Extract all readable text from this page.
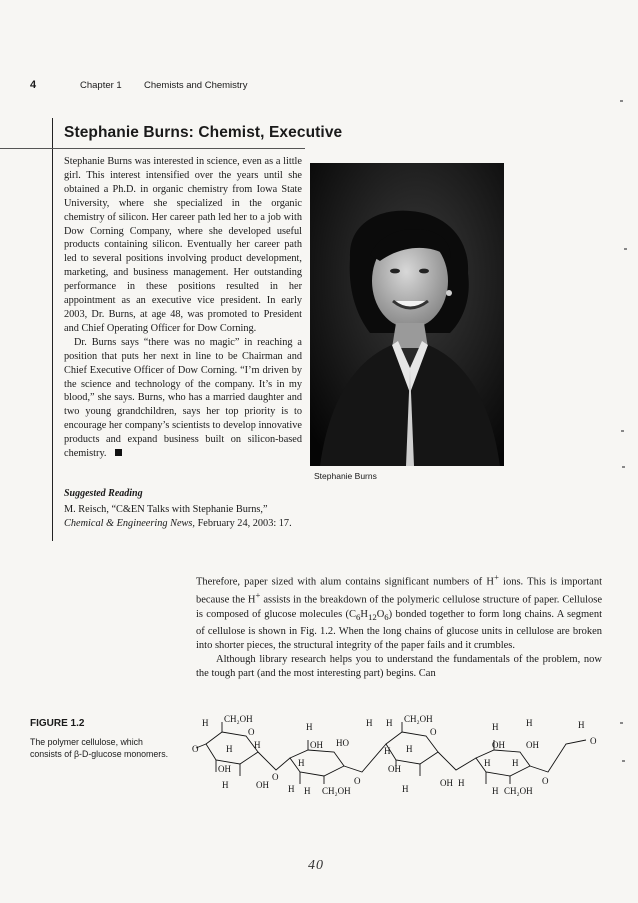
4	Chapter 1 Chemists and Chemistry
Stephanie Burns: Chemist, Executive

Stephanie Burns was interested in science, even as a little girl. This interest intensified over the years until she obtained a Ph.D. in organic chemistry from Iowa State University, where she specialized in the organic chemistry of silicon. Her career path led her to a job with Dow Corning Company, where she developed useful products containing silicon. Eventually her career path led to several positions involving product development, marketing, and business management. Her outstanding performance in these positions resulted in her appointment as an executive vice president. In early 2003, Dr. Burns, at age 48, was promoted to President and Chief Operating Officer for Dow Corning.

Dr. Burns says “there was no magic” in reaching a position that puts her next in line to be Chairman and Chief Executive Officer of Dow Corning. “I’m driven by the science and technology of the company. It’s in my blood,” she says. Burns, who has a married daughter and two young grandchildren, says her top priority is to encourage her company’s scientists to develop innovative products and expand business built on silicon-based chemistry.

Stephanie Burns
Suggested Reading
M. Reisch, “C&EN Talks with Stephanie Burns,”
Chemical & Engineering News, February 24, 2003: 17.

Therefore, paper sized with alum contains significant numbers of H+ ions. This is important because the H+ assists in the breakdown of the polymeric cellulose structure of paper. Cellulose is composed of glucose molecules $(C_6H_{12}O_6)$ bonded together to form long chains. A segment of cellulose is shown in Fig. 1.2. When the long chains of glucose units in cellulose are broken into shorter pieces, the structural integrity of the paper fails and it crumbles.

Although library research helps you to understand the fundamentals of the problem, now the tough part (and the most interesting part) begins. Can

FIGURE 1.2
The polymer cellulose, which consists of β-D-glucose monomers.
H CH₂OH
O
O	H H
OH
H	OH
O
H
OH HO
H
H H CH₂OH
O
H H CH₂OH
O
H
OH
H
H
OH H
H
OH
H
H
OH
H
H CH₂OH
O
H
O
40
